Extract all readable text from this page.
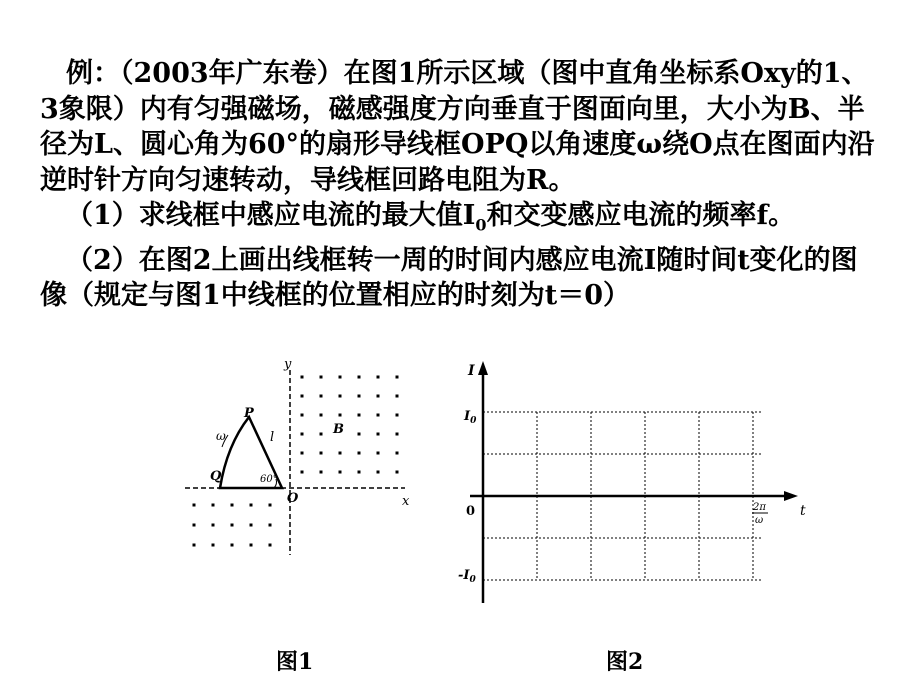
例：（2003年广东卷）在图1所示区域（图中直角坐标系Oxy的1、3象限）内有匀强磁场，磁感强度方向垂直于图面向里，大小为B、半径为L、圆心角为60°的扇形导线框OPQ以角速度ω绕O点在图面内沿逆时针方向匀速转动，导线框回路电阻为R。

（1）求线框中感应电流的最大值$I_0$和交变感应电流的频率f。

（2）在图2上画出线框转一周的时间内感应电流I随时间t变化的图像（规定与图1中线框的位置相应的时刻为t＝0）

x
y
O
Q
P
ω	l
60°
B
I
t
$I_0$
0
$-I_0$
2π
ω
图1	图2
